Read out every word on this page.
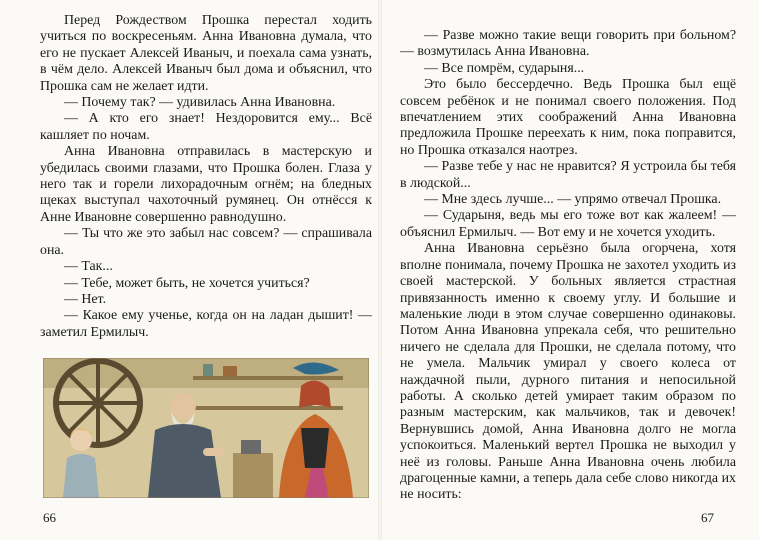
Перед Рождеством Прошка перестал ходить учиться по воскресеньям. Анна Ивановна думала, что его не пускает Алексей Иваныч, и поехала сама узнать, в чём дело. Алексей Иваныч был дома и объяснил, что Прошка сам не желает идти.

— Почему так? — удивилась Анна Ивановна.

— А кто его знает! Нездоровится ему... Всё кашляет по ночам.

Анна Ивановна отправилась в мастерскую и убедилась своими глазами, что Прошка болен. Глаза у него так и горели лихорадочным огнём; на бледных щеках выступал чахоточный румянец. Он отнёсся к Анне Ивановне совершенно равнодушно.

— Ты что же это забыл нас совсем? — спрашивала она.

— Так...

— Тебе, может быть, не хочется учиться?

— Нет.

— Какое ему ученье, когда он на ладан дышит! — заметил Ермилыч.

66

— Разве можно такие вещи говорить при больном? — возмутилась Анна Ивановна.

— Все помрём, сударыня...

Это было бессердечно. Ведь Прошка был ещё совсем ребёнок и не понимал своего положения. Под впечатлением этих соображений Анна Ивановна предложила Прошке переехать к ним, пока поправится, но Прошка отказался наотрез.

— Разве тебе у нас не нравится? Я устроила бы тебя в людской...

— Мне здесь лучше... — упрямо отвечал Прошка.

— Сударыня, ведь мы его тоже вот как жалеем! — объяснил Ермилыч. — Вот ему и не хочется уходить.

Анна Ивановна серьёзно была огорчена, хотя вполне понимала, почему Прошка не захотел уходить из своей мастерской. У больных является страстная привязанность именно к своему углу. И большие и маленькие люди в этом случае совершенно одинаковы. Потом Анна Ивановна упрекала себя, что решительно ничего не сделала для Прошки, не сделала потому, что не умела. Мальчик умирал у своего колеса от наждачной пыли, дурного питания и непосильной работы. А сколько детей умирает таким образом по разным мастерским, как мальчиков, так и девочек! Вернувшись домой, Анна Ивановна долго не могла успокоиться. Маленький вертел Прошка не выходил у неё из головы. Раньше Анна Ивановна очень любила драгоценные камни, а теперь дала себе слово никогда их не носить:

67
